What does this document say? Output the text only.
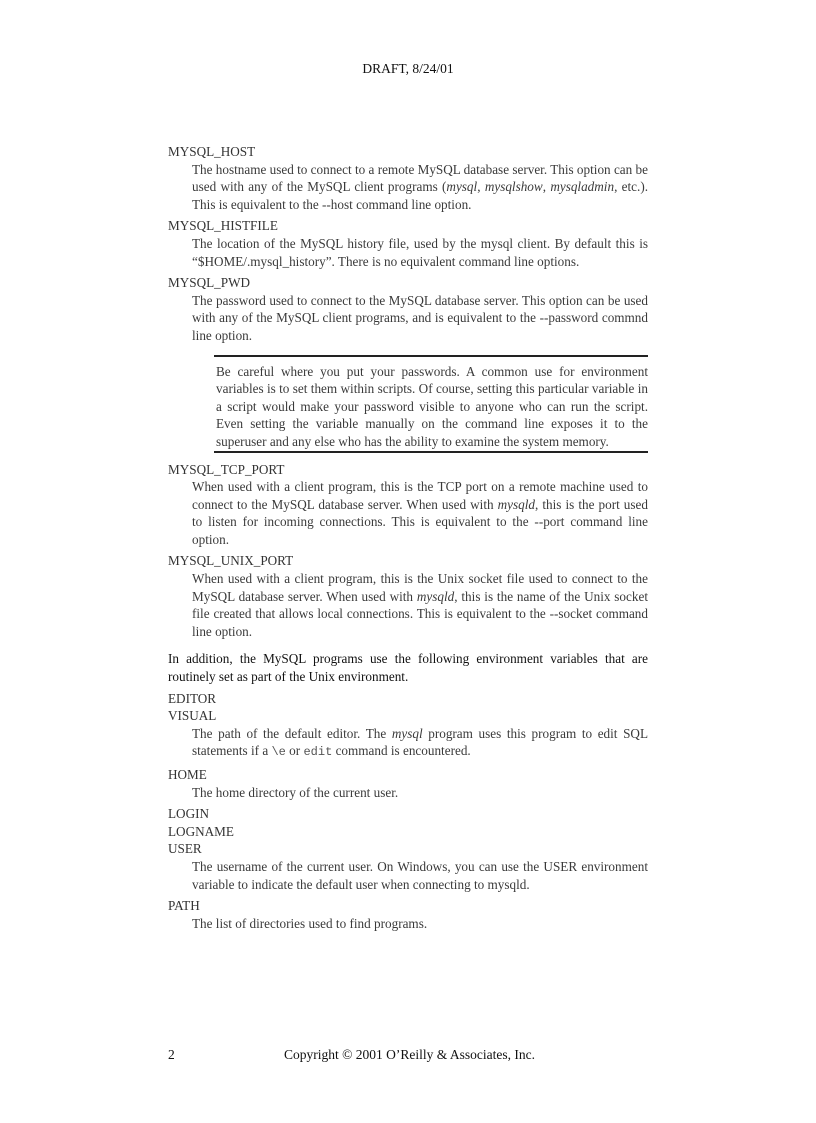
DRAFT, 8/24/01
MYSQL_HOST
The hostname used to connect to a remote MySQL database server. This option can be used with any of the MySQL client programs (mysql, mysqlshow, mysqladmin, etc.). This is equivalent to the --host command line option.
MYSQL_HISTFILE
The location of the MySQL history file, used by the mysql client. By default this is “$HOME/.mysql_history”. There is no equivalent command line options.
MYSQL_PWD
The password used to connect to the MySQL database server. This option can be used with any of the MySQL client programs, and is equivalent to the --password commnd line option.
Be careful where you put your passwords. A common use for environment variables is to set them within scripts. Of course, setting this particular variable in a script would make your password visible to anyone who can run the script. Even setting the variable manually on the command line exposes it to the superuser and any else who has the ability to examine the system memory.
MYSQL_TCP_PORT
When used with a client program, this is the TCP port on a remote machine used to connect to the MySQL database server. When used with mysqld, this is the port used to listen for incoming connections. This is equivalent to the --port command line option.
MYSQL_UNIX_PORT
When used with a client program, this is the Unix socket file used to connect to the MySQL database server. When used with mysqld, this is the name of the Unix socket file created that allows local connections. This is equivalent to the --socket command line option.
In addition, the MySQL programs use the following environment variables that are routinely set as part of the Unix environment.
EDITOR
VISUAL
The path of the default editor. The mysql program uses this program to edit SQL statements if a \e or edit command is encountered.
HOME
The home directory of the current user.
LOGIN
LOGNAME
USER
The username of the current user. On Windows, you can use the USER environment variable to indicate the default user when connecting to mysqld.
PATH
The list of directories used to find programs.
2	Copyright © 2001 O’Reilly & Associates, Inc.
